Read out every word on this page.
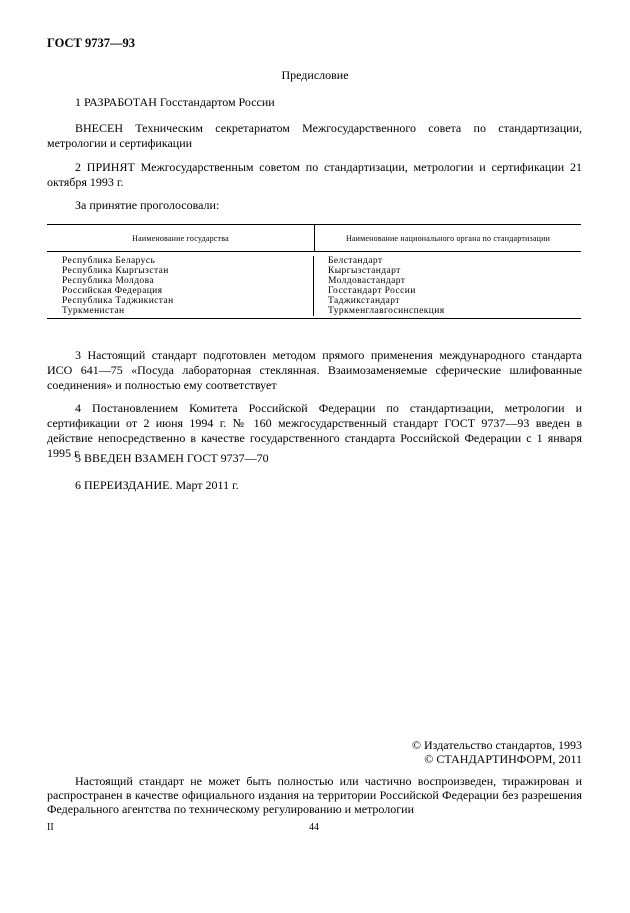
ГОСТ 9737—93
Предисловие
1 РАЗРАБОТАН Госстандартом России
ВНЕСЕН Техническим секретариатом Межгосударственного совета по стандартизации, метрологии и сертификации
2 ПРИНЯТ Межгосударственным советом по стандартизации, метрологии и сертификации 21 октября 1993 г.
За принятие проголосовали:
Наименование государства	Наименование национального органа по стандартизации
Республика Беларусь
Республика Кыргызстан
Республика Молдова
Российская Федерация
Республика Таджикистан
Туркменистан
Белстандарт
Кыргызстандарт
Молдовастандарт
Госстандарт России
Таджикстандарт
Туркменглавгосинспекция
3 Настоящий стандарт подготовлен методом прямого применения международного стандарта ИСО 641—75 «Посуда лабораторная стеклянная. Взаимозаменяемые сферические шлифованные соединения» и полностью ему соответствует
4 Постановлением Комитета Российской Федерации по стандартизации, метрологии и сертификации от 2 июня 1994 г. № 160 межгосударственный стандарт ГОСТ 9737—93 введен в действие непосредственно в качестве государственного стандарта Российской Федерации с 1 января 1995 г.
5 ВВЕДЕН ВЗАМЕН ГОСТ 9737—70
6 ПЕРЕИЗДАНИЕ. Март 2011 г.
© Издательство стандартов, 1993
© СТАНДАРТИНФОРМ, 2011
Настоящий стандарт не может быть полностью или частично воспроизведен, тиражирован и распространен в качестве официального издания на территории Российской Федерации без разрешения Федерального агентства по техническому регулированию и метрологии
II	44
